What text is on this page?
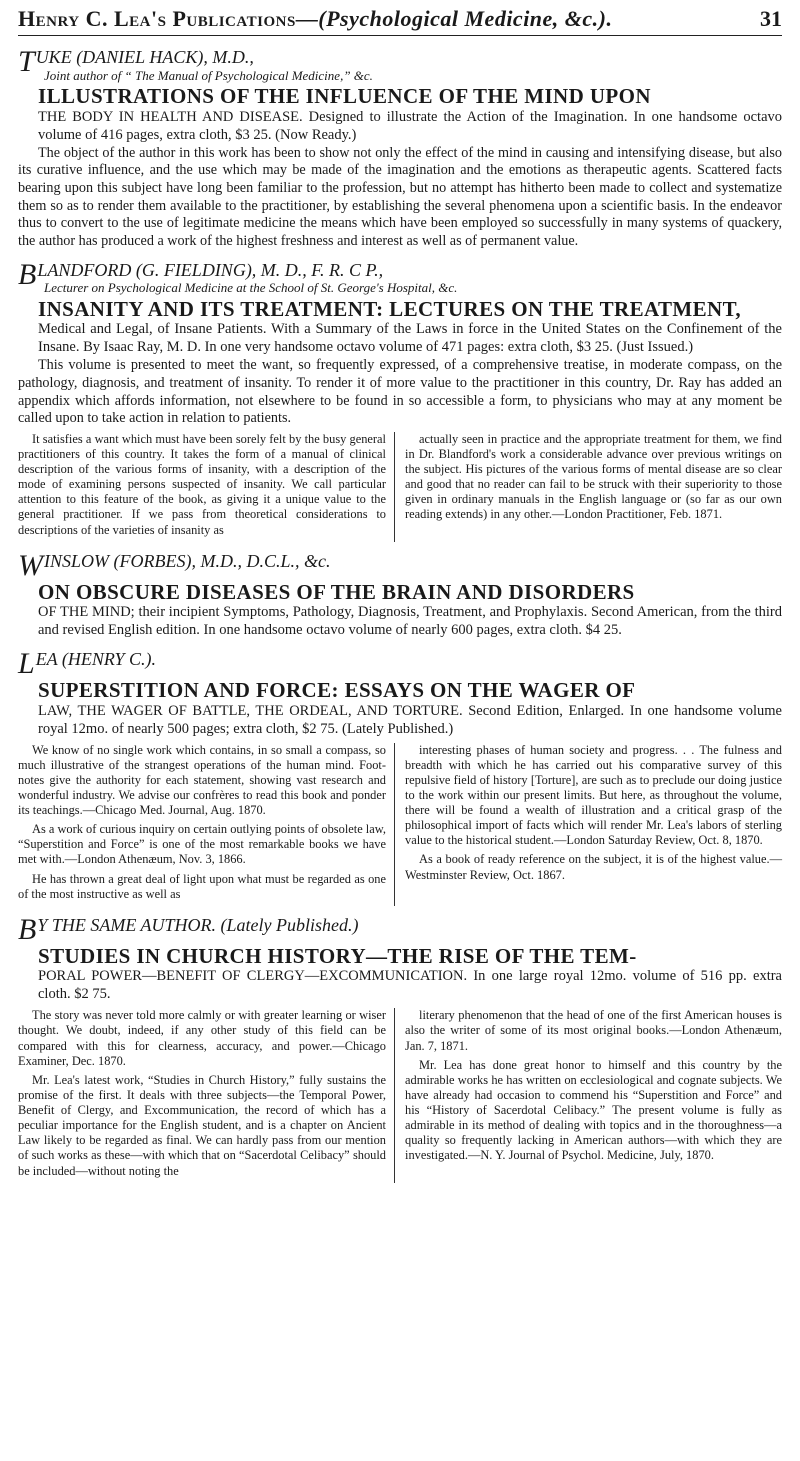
Henry C. Lea's Publications—(Psychological Medicine, &c.).	31
TUKE (DANIEL HACK), M.D.,
Joint author of “ The Manual of Psychological Medicine,” &c.
ILLUSTRATIONS OF THE INFLUENCE OF THE MIND UPON
THE BODY IN HEALTH AND DISEASE. Designed to illustrate the Action of the Imagination. In one handsome octavo volume of 416 pages, extra cloth, $3 25. (Now Ready.)

The object of the author in this work has been to show not only the effect of the mind in causing and intensifying disease, but also its curative influence, and the use which may be made of the imagination and the emotions as therapeutic agents. Scattered facts bearing upon this subject have long been familiar to the profession, but no attempt has hitherto been made to collect and systematize them so as to render them available to the practitioner, by establishing the several phenomena upon a scientific basis. In the endeavor thus to convert to the use of legitimate medicine the means which have been employed so successfully in many systems of quackery, the author has produced a work of the highest freshness and interest as well as of permanent value.

BLANDFORD (G. FIELDING), M. D., F. R. C P.,
Lecturer on Psychological Medicine at the School of St. George's Hospital, &c.
INSANITY AND ITS TREATMENT: LECTURES ON THE TREATMENT,
Medical and Legal, of Insane Patients. With a Summary of the Laws in force in the United States on the Confinement of the Insane. By Isaac Ray, M. D. In one very handsome octavo volume of 471 pages: extra cloth, $3 25. (Just Issued.)

This volume is presented to meet the want, so frequently expressed, of a comprehensive treatise, in moderate compass, on the pathology, diagnosis, and treatment of insanity. To render it of more value to the practitioner in this country, Dr. Ray has added an appendix which affords information, not elsewhere to be found in so accessible a form, to physicians who may at any moment be called upon to take action in relation to patients.

It satisfies a want which must have been sorely felt by the busy general practitioners of this country. It takes the form of a manual of clinical description of the various forms of insanity, with a description of the mode of examining persons suspected of insanity. We call particular attention to this feature of the book, as giving it a unique value to the general practitioner. If we pass from theoretical considerations to descriptions of the varieties of insanity as

actually seen in practice and the appropriate treatment for them, we find in Dr. Blandford's work a considerable advance over previous writings on the subject. His pictures of the various forms of mental disease are so clear and good that no reader can fail to be struck with their superiority to those given in ordinary manuals in the English language or (so far as our own reading extends) in any other.—London Practitioner, Feb. 1871.

WINSLOW (FORBES), M.D., D.C.L., &c.
ON OBSCURE DISEASES OF THE BRAIN AND DISORDERS
OF THE MIND; their incipient Symptoms, Pathology, Diagnosis, Treatment, and Prophylaxis. Second American, from the third and revised English edition. In one handsome octavo volume of nearly 600 pages, extra cloth. $4 25.
LEA (HENRY C.).
SUPERSTITION AND FORCE: ESSAYS ON THE WAGER OF
LAW, THE WAGER OF BATTLE, THE ORDEAL, AND TORTURE. Second Edition, Enlarged. In one handsome volume royal 12mo. of nearly 500 pages; extra cloth, $2 75. (Lately Published.)

We know of no single work which contains, in so small a compass, so much illustrative of the strangest operations of the human mind. Foot-notes give the authority for each statement, showing vast research and wonderful industry. We advise our confrères to read this book and ponder its teachings.—Chicago Med. Journal, Aug. 1870.

As a work of curious inquiry on certain outlying points of obsolete law, “Superstition and Force” is one of the most remarkable books we have met with.—London Athenæum, Nov. 3, 1866.

He has thrown a great deal of light upon what must be regarded as one of the most instructive as well as

interesting phases of human society and progress. . . The fulness and breadth with which he has carried out his comparative survey of this repulsive field of history [Torture], are such as to preclude our doing justice to the work within our present limits. But here, as throughout the volume, there will be found a wealth of illustration and a critical grasp of the philosophical import of facts which will render Mr. Lea's labors of sterling value to the historical student.—London Saturday Review, Oct. 8, 1870.

As a book of ready reference on the subject, it is of the highest value.—Westminster Review, Oct. 1867.

B Y THE SAME AUTHOR. (Lately Published.)
STUDIES IN CHURCH HISTORY—THE RISE OF THE TEM-
PORAL POWER—BENEFIT OF CLERGY—EXCOMMUNICATION. In one large royal 12mo. volume of 516 pp. extra cloth. $2 75.

The story was never told more calmly or with greater learning or wiser thought. We doubt, indeed, if any other study of this field can be compared with this for clearness, accuracy, and power.—Chicago Examiner, Dec. 1870.

Mr. Lea's latest work, “Studies in Church History,” fully sustains the promise of the first. It deals with three subjects—the Temporal Power, Benefit of Clergy, and Excommunication, the record of which has a peculiar importance for the English student, and is a chapter on Ancient Law likely to be regarded as final. We can hardly pass from our mention of such works as these—with which that on “Sacerdotal Celibacy” should be included—without noting the

literary phenomenon that the head of one of the first American houses is also the writer of some of its most original books.—London Athenæum, Jan. 7, 1871.

Mr. Lea has done great honor to himself and this country by the admirable works he has written on ecclesiological and cognate subjects. We have already had occasion to commend his “Superstition and Force” and his “History of Sacerdotal Celibacy.” The present volume is fully as admirable in its method of dealing with topics and in the thoroughness—a quality so frequently lacking in American authors—with which they are investigated.—N. Y. Journal of Psychol. Medicine, July, 1870.
